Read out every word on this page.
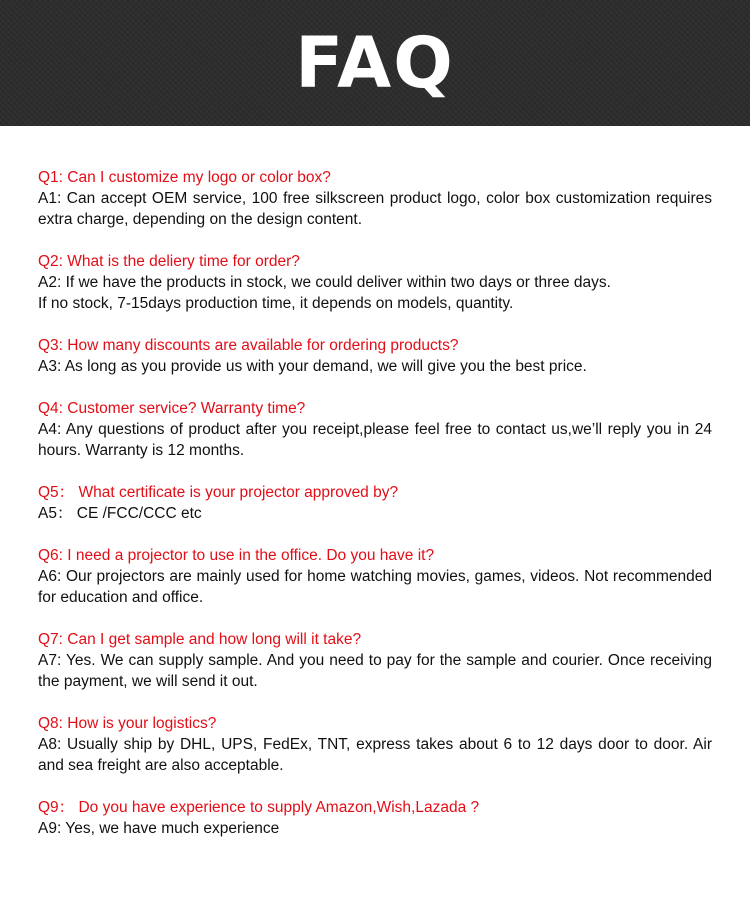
FAQ

Q1: Can I customize my logo or color box?

A1: Can accept OEM service, 100 free silkscreen product logo, color box customization requires extra charge, depending on the design content.

Q2: What is the deliery time for order?

A2: If we have the products in stock, we could deliver within two days or three days.
If no stock, 7-15days production time, it depends on models, quantity.

Q3: How many discounts are available for ordering products?

A3: As long as you provide us with your demand, we will give you the best price.

Q4: Customer service? Warranty time?

A4: Any questions of product after you receipt,please feel free to contact us,we’ll reply you in 24 hours. Warranty is 12 months.

Q5： What certificate is your projector approved by?

A5： CE /FCC/CCC etc

Q6: I need a projector to use in the office. Do you have it?

A6: Our projectors are mainly used for home watching movies, games, videos. Not recommended for education and office.

Q7: Can I get sample and how long will it take?

A7: Yes. We can supply sample. And you need to pay for the sample and courier. Once receiving the payment, we will send it out.

Q8: How is your logistics?

A8: Usually ship by DHL, UPS, FedEx, TNT, express takes about 6 to 12 days door to door. Air and sea freight are also acceptable.

Q9： Do you have experience to supply Amazon,Wish,Lazada ?

A9: Yes, we have much experience
